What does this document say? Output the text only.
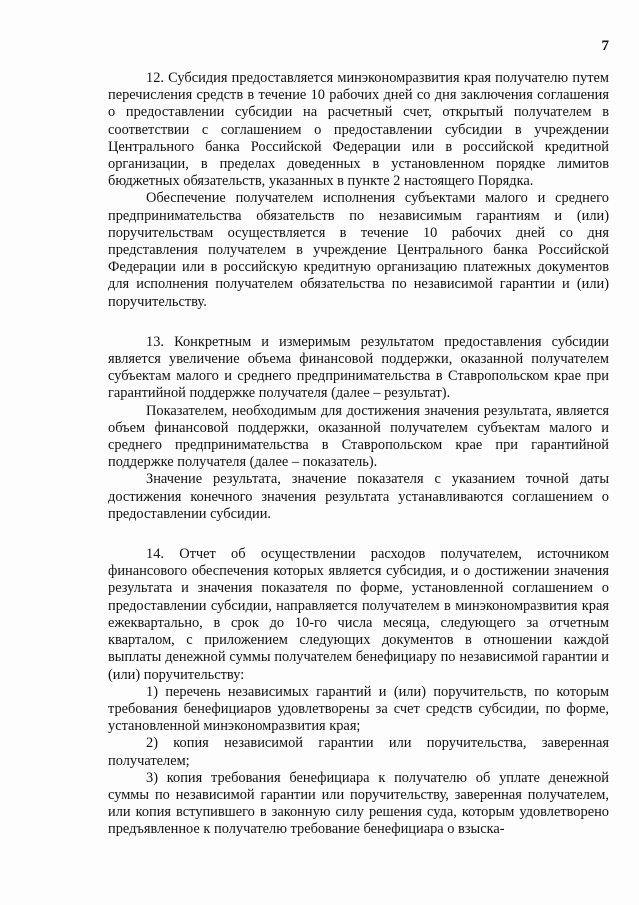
7

12. Субсидия предоставляется минэкономразвития края получателю путем перечисления средств в течение 10 рабочих дней со дня заключения соглашения о предоставлении субсидии на расчетный счет, открытый получателем в соответствии с соглашением о предоставлении субсидии в учреждении Центрального банка Российской Федерации или в российской кредитной организации, в пределах доведенных в установленном порядке лимитов бюджетных обязательств, указанных в пункте 2 настоящего Порядка.

Обеспечение получателем исполнения субъектами малого и среднего предпринимательства обязательств по независимым гарантиям и (или) поручительствам осуществляется в течение 10 рабочих дней со дня представления получателем в учреждение Центрального банка Российской Федерации или в российскую кредитную организацию платежных документов для исполнения получателем обязательства по независимой гарантии и (или) поручительству.

13. Конкретным и измеримым результатом предоставления субсидии является увеличение объема финансовой поддержки, оказанной получателем субъектам малого и среднего предпринимательства в Ставропольском крае при гарантийной поддержке получателя (далее – результат).

Показателем, необходимым для достижения значения результата, является объем финансовой поддержки, оказанной получателем субъектам малого и среднего предпринимательства в Ставропольском крае при гарантийной поддержке получателя (далее – показатель).

Значение результата, значение показателя с указанием точной даты достижения конечного значения результата устанавливаются соглашением о предоставлении субсидии.

14. Отчет об осуществлении расходов получателем, источником финансового обеспечения которых является субсидия, и о достижении значения результата и значения показателя по форме, установленной соглашением о предоставлении субсидии, направляется получателем в минэкономразвития края ежеквартально, в срок до 10-го числа месяца, следующего за отчетным кварталом, с приложением следующих документов в отношении каждой выплаты денежной суммы получателем бенефициару по независимой гарантии и (или) поручительству:

1) перечень независимых гарантий и (или) поручительств, по которым требования бенефициаров удовлетворены за счет средств субсидии, по форме, установленной минэкономразвития края;

2) копия независимой гарантии или поручительства, заверенная получателем;

3) копия требования бенефициара к получателю об уплате денежной суммы по независимой гарантии или поручительству, заверенная получателем, или копия вступившего в законную силу решения суда, которым удовлетворено предъявленное к получателю требование бенефициара о взыска-
